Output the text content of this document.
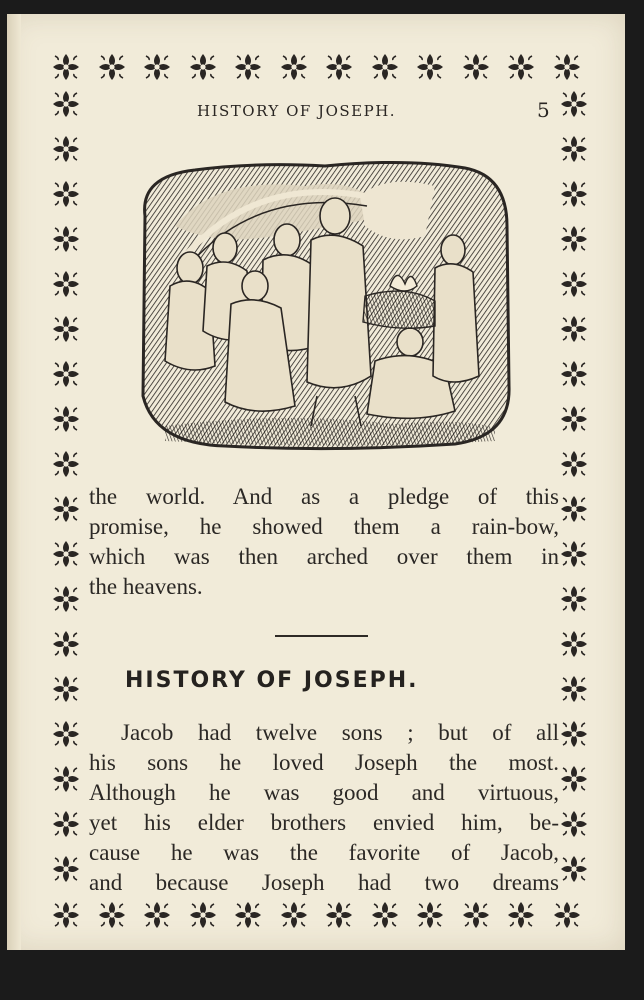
HISTORY OF JOSEPH.	5

the world. And as a pledge of this
promise, he showed them a rain-bow,
which was then arched over them in
the heavens.

HISTORY OF JOSEPH.

Jacob had twelve sons ; but of all
his sons he loved Joseph the most.
Although he was good and virtuous,
yet his elder brothers envied him, be-
cause he was the favorite of Jacob,
and because Joseph had two dreams
